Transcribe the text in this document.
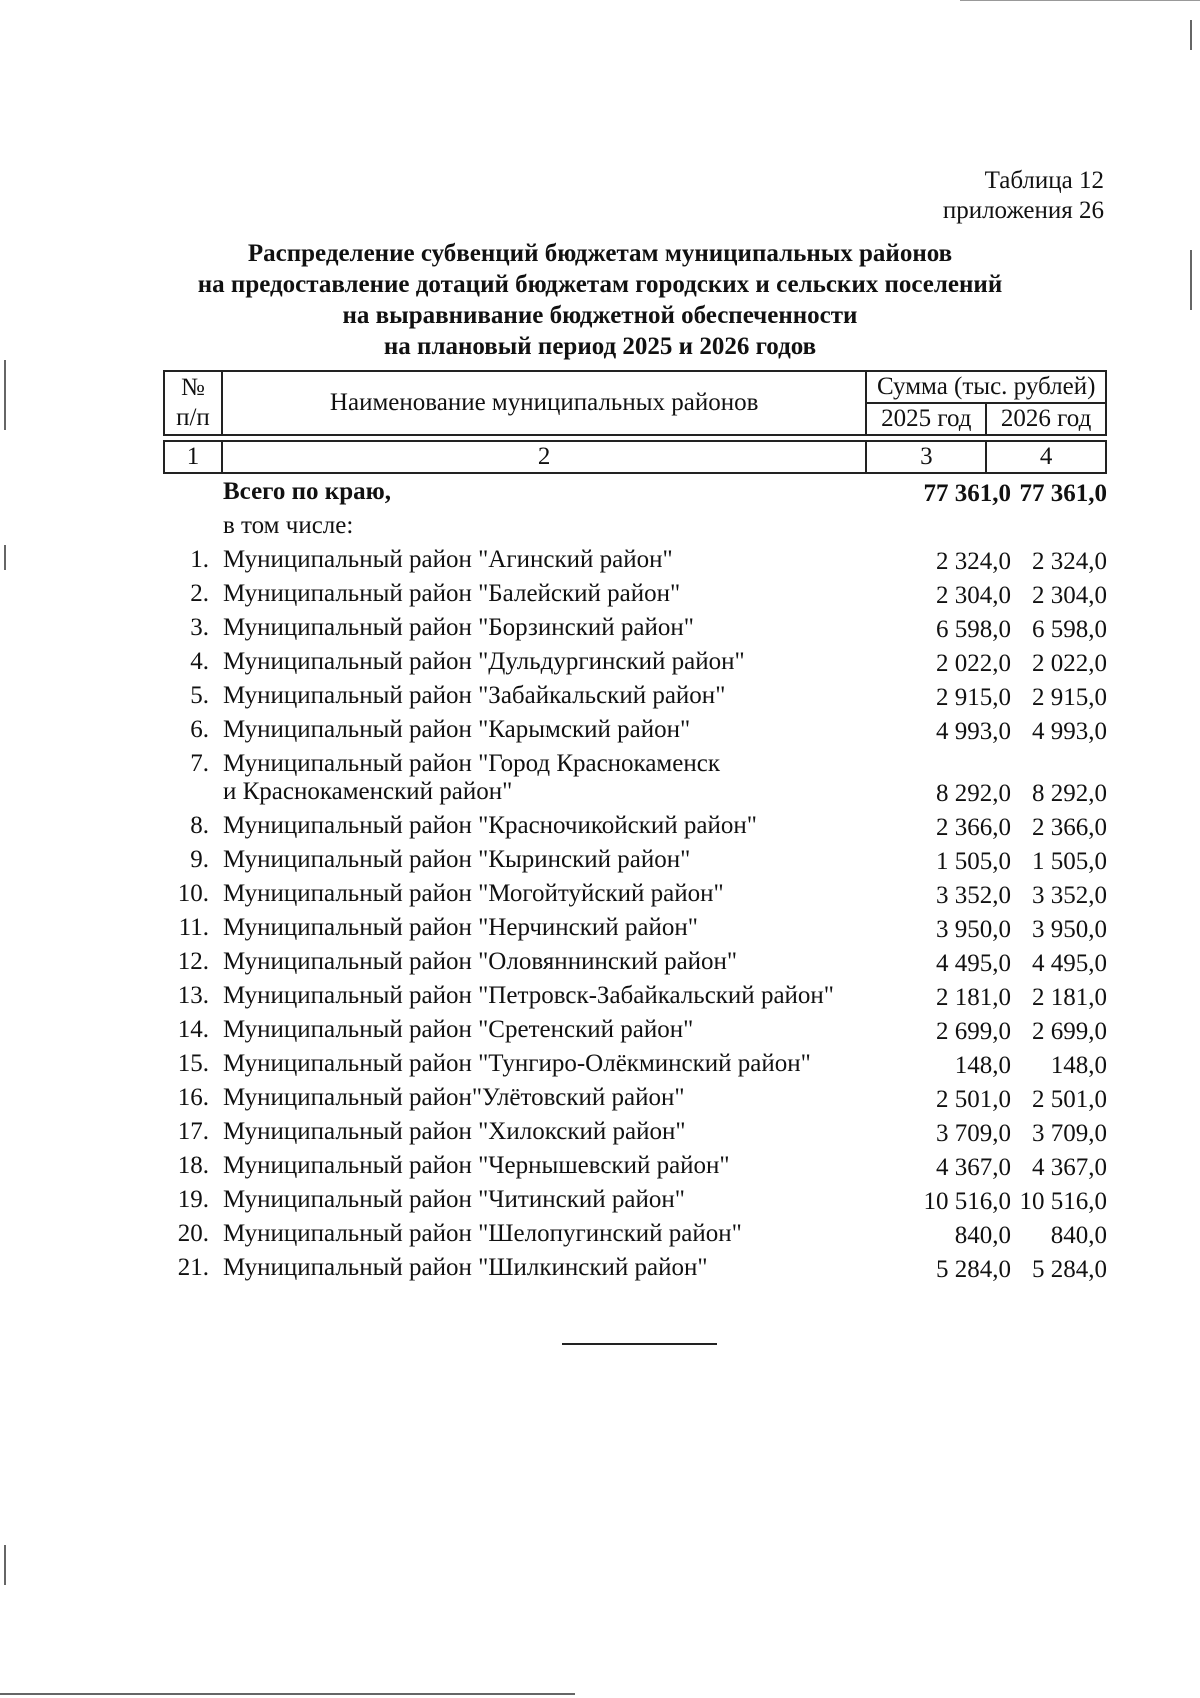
Таблица 12
приложения 26
Распределение субвенций бюджетам муниципальных районов
на предоставление дотаций бюджетам городских и сельских поселений
на выравнивание бюджетной обеспеченности
на плановый период 2025 и 2026 годов
№ п/п	Наименование муниципальных районов	Сумма (тыс. рублей)	
		2025 год	2026 год

1	2	3	4
Всего по краю,	77 361,0 77 361,0
в том числе:
1. Муниципальный район "Агинский район"	2 324,0 2 324,0
2. Муниципальный район "Балейский район"	2 304,0 2 304,0
3. Муниципальный район "Борзинский район"	6 598,0 6 598,0
4. Муниципальный район "Дульдургинский район"	2 022,0 2 022,0
5. Муниципальный район "Забайкальский район"	2 915,0 2 915,0
6. Муниципальный район "Карымский район"	4 993,0 4 993,0
7. Муниципальный район "Город Краснокаменск
и Краснокаменский район"	8 292,0 8 292,0
8. Муниципальный район "Красночикойский район"	2 366,0 2 366,0
9. Муниципальный район "Кыринский район"	1 505,0 1 505,0
10. Муниципальный район "Могойтуйский район"	3 352,0 3 352,0
11. Муниципальный район "Нерчинский район"	3 950,0 3 950,0
12. Муниципальный район "Оловяннинский район"	4 495,0 4 495,0
13. Муниципальный район "Петровск-Забайкальский район"	2 181,0 2 181,0
14. Муниципальный район "Сретенский район"	2 699,0 2 699,0
15. Муниципальный район "Тунгиро-Олёкминский район"	148,0 148,0
16. Муниципальный район"Улётовский район"	2 501,0 2 501,0
17. Муниципальный район "Хилокский район"	3 709,0 3 709,0
18. Муниципальный район "Чернышевский район"	4 367,0 4 367,0
19. Муниципальный район "Читинский район"	10 516,0 10 516,0
20. Муниципальный район "Шелопугинский район"	840,0 840,0
21. Муниципальный район "Шилкинский район"	5 284,0 5 284,0
